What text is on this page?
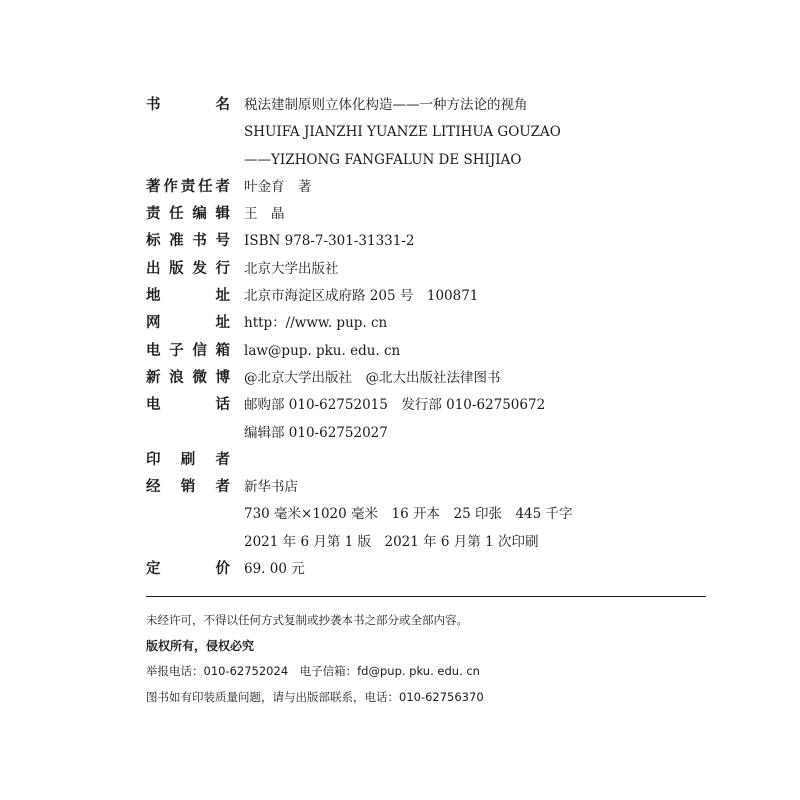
书	名 税法建制原则立体化构造——一种方法论的视角
SHUIFA JIANZHI YUANZE LITIHUA GOUZAO
——YIZHONG FANGFALUN DE SHIJIAO
著 作 责 任 者 叶金育　著
责 任 编 辑 王　晶
标 准 书 号 ISBN 978-7-301-31331-2
出 版 发 行 北京大学出版社
地	址 北京市海淀区成府路 205 号　100871
网	址 http：//www. pup. cn
电 子 信 箱 law@pup. pku. edu. cn
新 浪 微 博 @北京大学出版社　@北大出版社法律图书
电	话 邮购部 010-62752015　发行部 010-62750672
编辑部 010-62752027
印 刷 者
经 销 者 新华书店
730 毫米×1020 毫米　16 开本　25 印张　445 千字
2021 年 6 月第 1 版　2021 年 6 月第 1 次印刷
定	价 69. 00 元
未经许可，不得以任何方式复制或抄袭本书之部分或全部内容。
版权所有，侵权必究
举报电话：010-62752024　电子信箱：fd@pup. pku. edu. cn
图书如有印装质量问题，请与出版部联系，电话：010-62756370
